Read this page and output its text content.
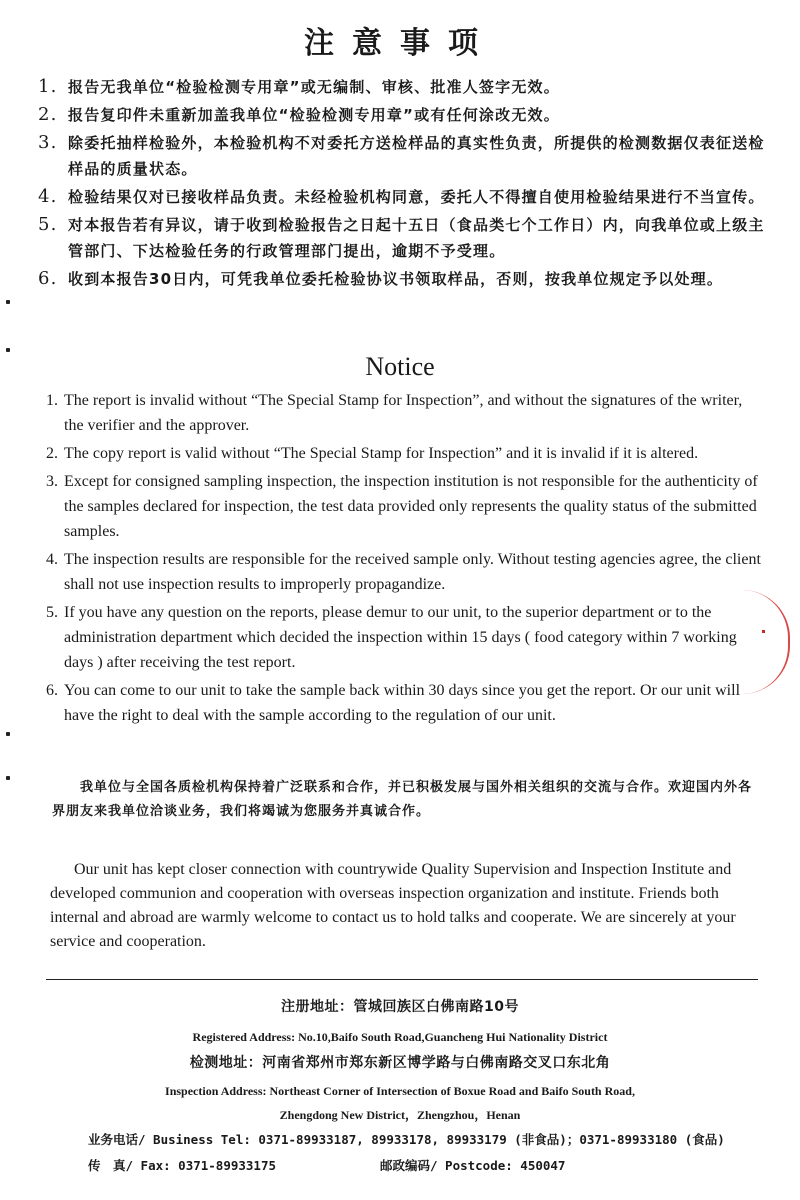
注意事项
1. 报告无我单位“检验检测专用章”或无编制、审核、批准人签字无效。
2. 报告复印件未重新加盖我单位“检验检测专用章”或有任何涂改无效。
3. 除委托抽样检验外，本检验机构不对委托方送检样品的真实性负责，所提供的检测数据仅表征送检样品的质量状态。
4. 检验结果仅对已接收样品负责。未经检验机构同意，委托人不得擅自使用检验结果进行不当宣传。
5. 对本报告若有异议，请于收到检验报告之日起十五日（食品类七个工作日）内，向我单位或上级主管部门、下达检验任务的行政管理部门提出，逾期不予受理。
6. 收到本报告30日内，可凭我单位委托检验协议书领取样品，否则，按我单位规定予以处理。
Notice
1. The report is invalid without “The Special Stamp for Inspection”, and without the signatures of the writer, the verifier and the approver.
2. The copy report is valid without “The Special Stamp for Inspection” and it is invalid if it is altered.
3. Except for consigned sampling inspection, the inspection institution is not responsible for the authenticity of the samples declared for inspection, the test data provided only represents the quality status of the submitted samples.
4. The inspection results are responsible for the received sample only. Without testing agencies agree, the client shall not use inspection results to improperly propagandize.
5. If you have any question on the reports, please demur to our unit, to the superior department or to the administration department which decided the inspection within 15 days ( food category within 7 working days ) after receiving the test report.
6. You can come to our unit to take the sample back within 30 days since you get the report. Or our unit will have the right to deal with the sample according to the regulation of our unit.

我单位与全国各质检机构保持着广泛联系和合作，并已积极发展与国外相关组织的交流与合作。欢迎国内外各界朋友来我单位洽谈业务，我们将竭诚为您服务并真诚合作。

Our unit has kept closer connection with countrywide Quality Supervision and Inspection Institute and developed communion and cooperation with overseas inspection organization and institute. Friends both internal and abroad are warmly welcome to contact us to hold talks and cooperate. We are sincerely at your service and cooperation.

注册地址：管城回族区白佛南路10号
Registered Address: No.10,Baifo South Road,Guancheng Hui Nationality District
检测地址：河南省郑州市郑东新区博学路与白佛南路交叉口东北角
Inspection Address: Northeast Corner of Intersection of Boxue Road and Baifo South Road,
Zhengdong New District，Zhengzhou，Henan
业务电话/ Business Tel: 0371-89933187, 89933178, 89933179 (非食品)；0371-89933180 (食品)
传　真/ Fax: 0371-89933175	邮政编码/ Postcode: 450047
